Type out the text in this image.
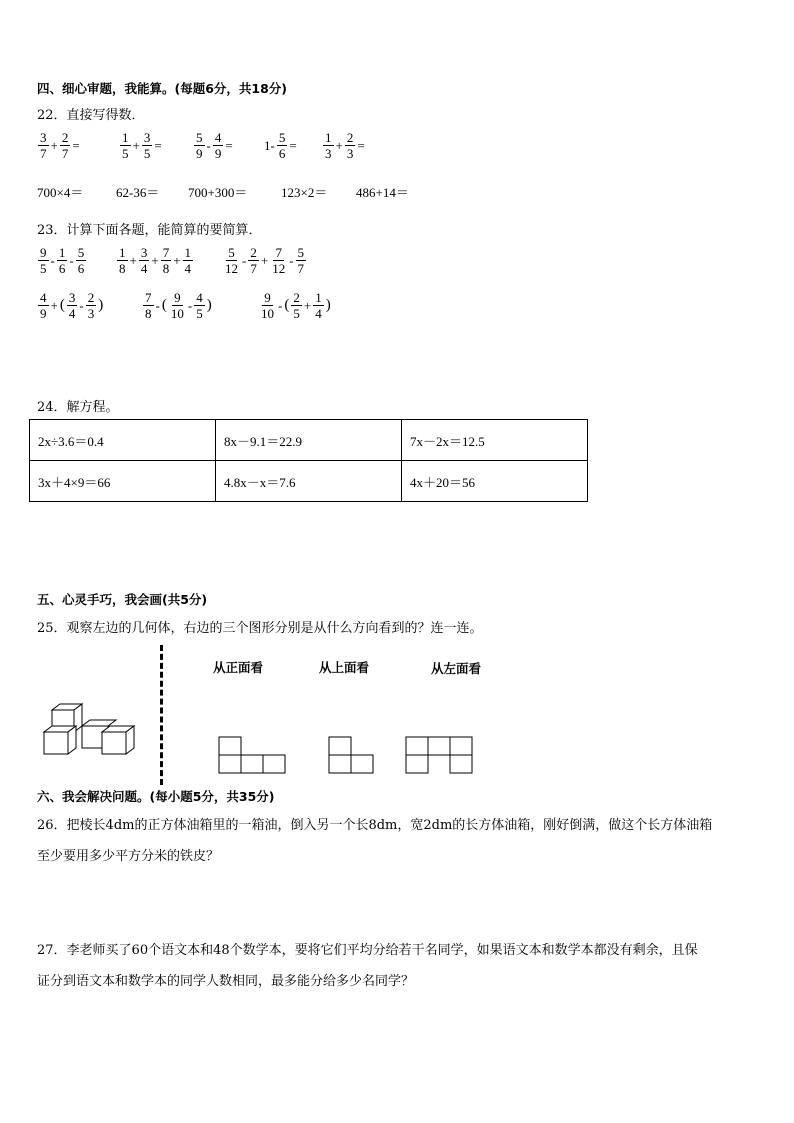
四、细心审题，我能算。(每题6分，共18分)
22．直接写得数．
$\frac{3}{7} + \frac{2}{7}$ =	$\frac{1}{5} + \frac{3}{5} = \frac{5}{9} - \frac{4}{9} = 1- \frac{5}{6} = \frac{1}{3} + \frac{2}{3}$ =
700×4＝	62-36＝ 700+300＝	123×2＝ 486+14＝
23．计算下面各题，能简算的要简算．
$\frac{9}{5} - \frac{1}{6} - \frac{5}{6} \frac{1}{8} + \frac{3}{4} + \frac{7}{8} + \frac{1}{4} \frac{5}{12} - \frac{2}{7} + \frac{7}{12} - \frac{5}{7}$
$\frac{4}{9}$ + ( $\frac{3}{4} - \frac{2}{3}$ )	$\frac{7}{8}$ - ( $\frac{9}{10} - \frac{4}{5}$ )	$\frac{9}{10}$ - ( $\frac{2}{5} + \frac{1}{4}$ )
24．解方程。
2x÷3.6＝0.4	8x－9.1＝22.9	7x－2x＝12.5
3x＋4×9＝66	4.8x－x＝7.6	4x＋20＝56
五、心灵手巧，我会画(共5分)
25．观察左边的几何体，右边的三个图形分别是从什么方向看到的？连一连。
从正面看	从上面看	从左面看
六、我会解决问题。(每小题5分，共35分)
26．把棱长4dm的正方体油箱里的一箱油，倒入另一个长8dm，宽2dm的长方体油箱，刚好倒满，做这个长方体油箱
至少要用多少平方分米的铁皮？
27．李老师买了60个语文本和48个数学本，要将它们平均分给若干名同学，如果语文本和数学本都没有剩余，且保
证分到语文本和数学本的同学人数相同，最多能分给多少名同学？
